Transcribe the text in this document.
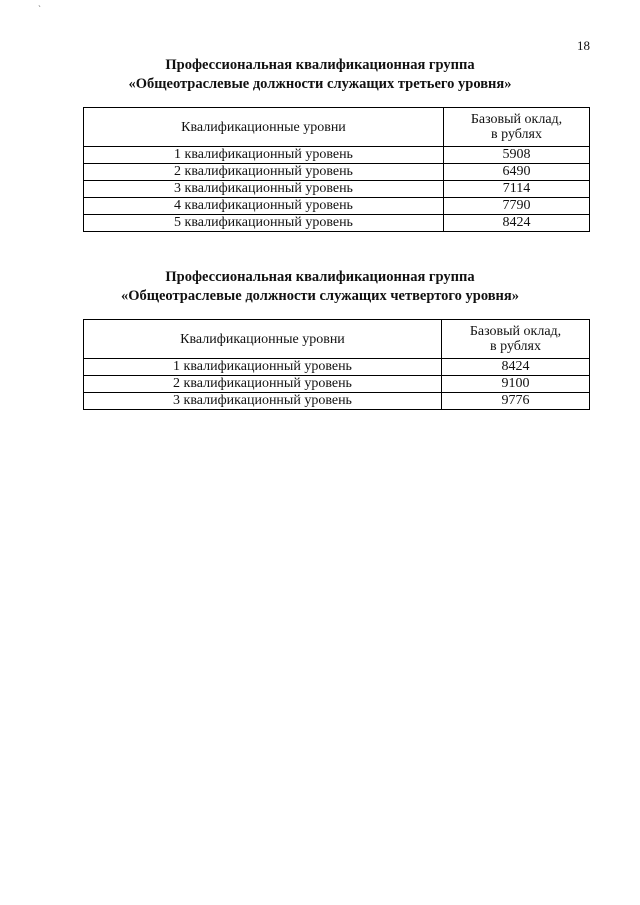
`
18
Профессиональная квалификационная группа
«Общеотраслевые должности служащих третьего уровня»
Квалификационные уровни	Базовый оклад,
в рублях

1 квалификационный уровень	5908
2 квалификационный уровень	6490
3 квалификационный уровень	7114
4 квалификационный уровень	7790
5 квалификационный уровень	8424
Профессиональная квалификационная группа
«Общеотраслевые должности служащих четвертого уровня»
Квалификационные уровни	Базовый оклад,
в рублях

1 квалификационный уровень	8424
2 квалификационный уровень	9100
3 квалификационный уровень	9776
